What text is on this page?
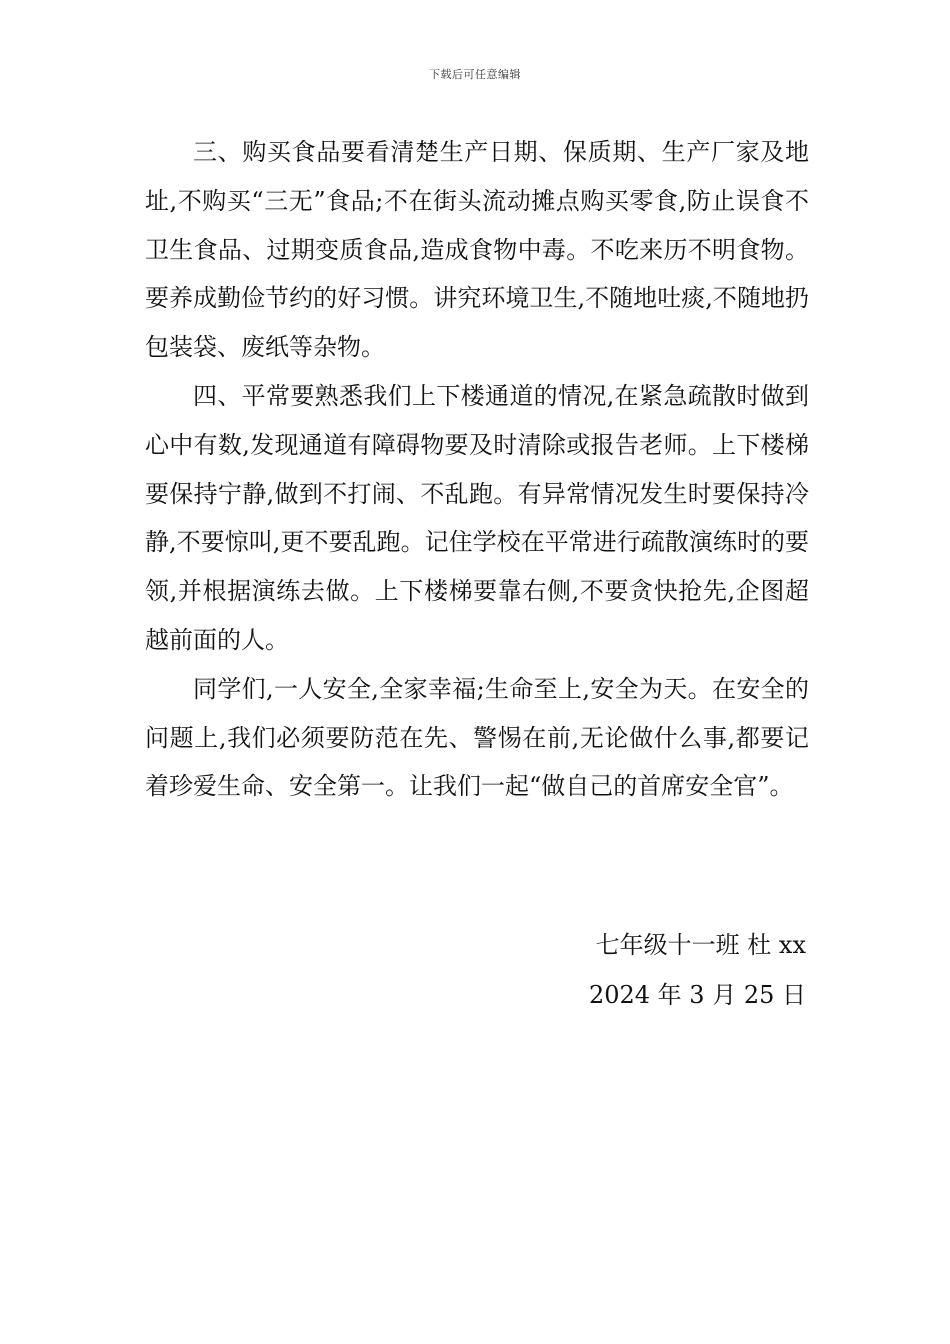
下载后可任意编辑

三、购买食品要看清楚生产日期、保质期、生产厂家及地址,不购买“三无”食品;不在街头流动摊点购买零食,防止误食不卫生食品、过期变质食品,造成食物中毒。不吃来历不明食物。要养成勤俭节约的好习惯。讲究环境卫生,不随地吐痰,不随地扔包装袋、废纸等杂物。

四、平常要熟悉我们上下楼通道的情况,在紧急疏散时做到心中有数,发现通道有障碍物要及时清除或报告老师。上下楼梯要保持宁静,做到不打闹、不乱跑。有异常情况发生时要保持冷静,不要惊叫,更不要乱跑。记住学校在平常进行疏散演练时的要领,并根据演练去做。上下楼梯要靠右侧,不要贪快抢先,企图超越前面的人。

同学们,一人安全,全家幸福;生命至上,安全为天。在安全的问题上,我们必须要防范在先、警惕在前,无论做什么事,都要记着珍爱生命、安全第一。让我们一起“做自己的首席安全官”。

七年级十一班 杜 xx
2024 年 3 月 25 日
